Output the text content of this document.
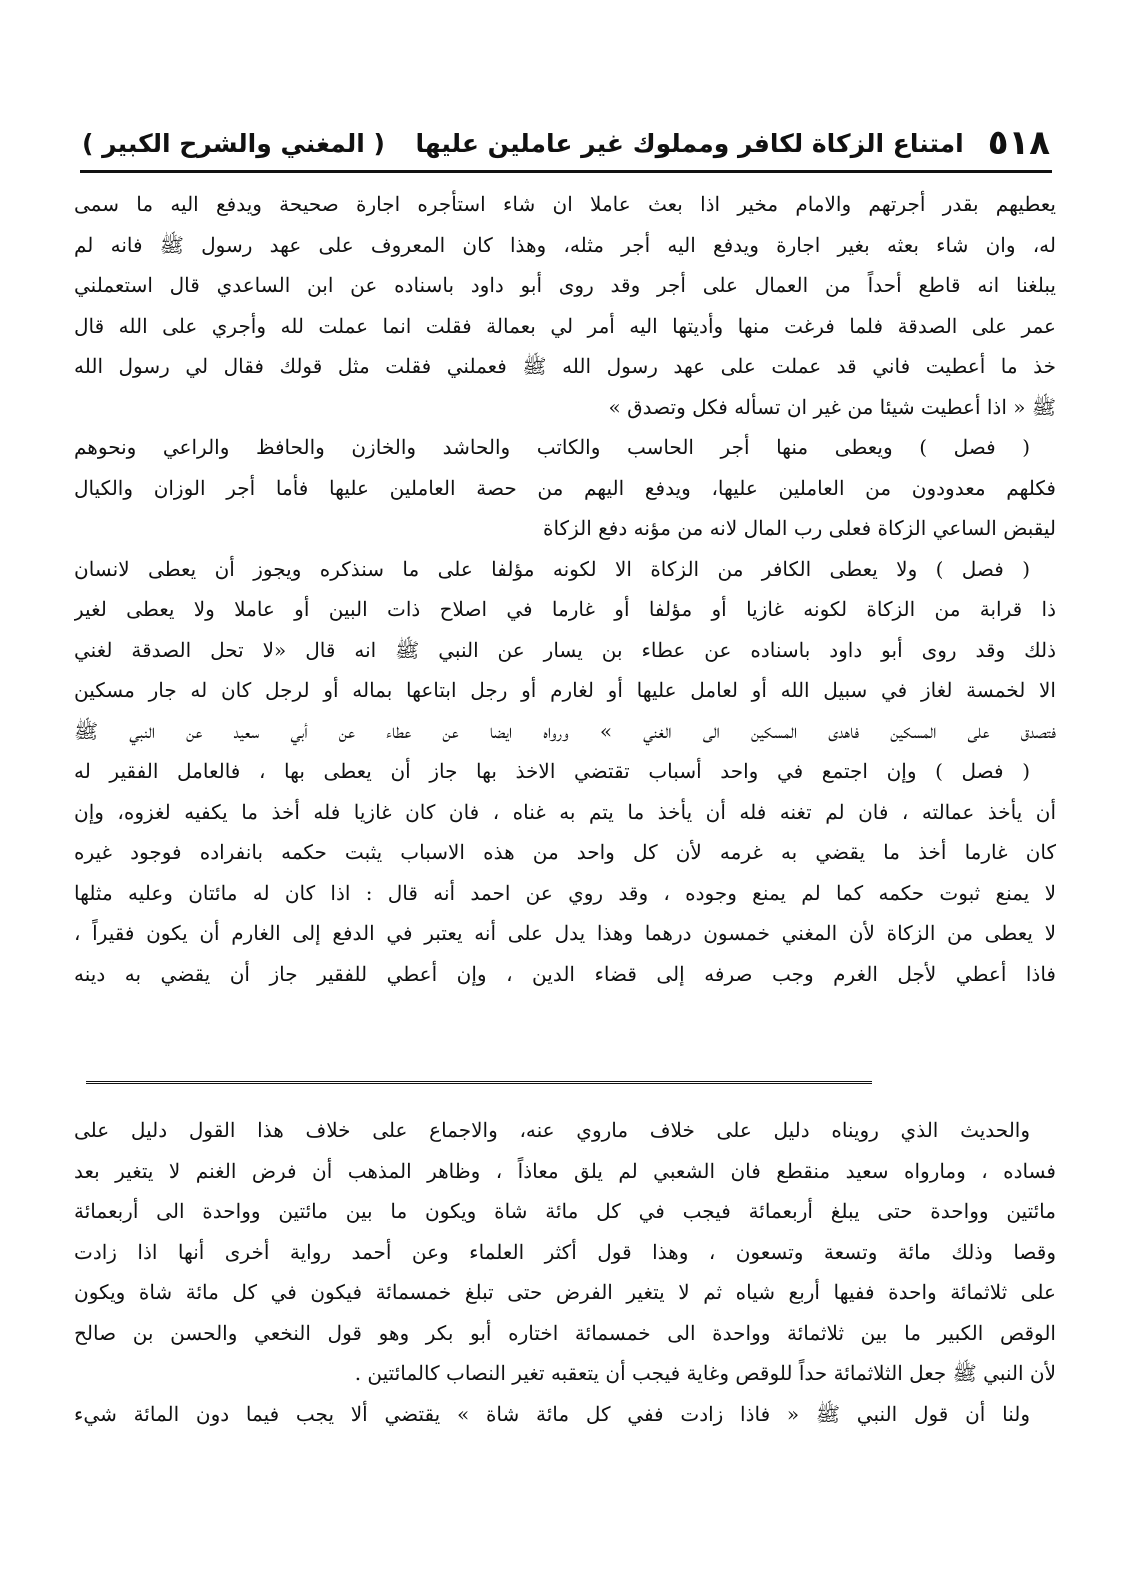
٥١٨
امتناع الزكاة لكافر ومملوك غير عاملين عليها
( المغني والشرح الكبير )
يعطيهم بقدر أجرتهم والامام مخير اذا بعث عاملا ان شاء استأجره اجارة صحيحة ويدفع اليه ما سمى
له، وان شاء بعثه بغير اجارة ويدفع اليه أجر مثله، وهذا كان المعروف على عهد رسول ﷺ فانه لم
يبلغنا انه قاطع أحداً من العمال على أجر وقد روى أبو داود باسناده عن ابن الساعدي قال استعملني
عمر على الصدقة فلما فرغت منها وأديتها اليه أمر لي بعمالة فقلت انما عملت لله وأجري على الله قال
خذ ما أعطيت فاني قد عملت على عهد رسول الله ﷺ فعملني فقلت مثل قولك فقال لي رسول الله
ﷺ « اذا أعطيت شيئا من غير ان تسأله فكل وتصدق »
( فصل ) ويعطى منها أجر الحاسب والكاتب والحاشد والخازن والحافظ والراعي ونحوهم
فكلهم معدودون من العاملين عليها، ويدفع اليهم من حصة العاملين عليها فأما أجر الوزان والكيال
ليقبض الساعي الزكاة فعلى رب المال لانه من مؤنه دفع الزكاة
( فصل ) ولا يعطى الكافر من الزكاة الا لكونه مؤلفا على ما سنذكره ويجوز أن يعطى لانسان
ذا قرابة من الزكاة لكونه غازيا أو مؤلفا أو غارما في اصلاح ذات البين أو عاملا ولا يعطى لغير
ذلك وقد روى أبو داود باسناده عن عطاء بن يسار عن النبي ﷺ انه قال «لا تحل الصدقة لغني
الا لخمسة لغاز في سبيل الله أو لعامل عليها أو لغارم أو رجل ابتاعها بماله أو لرجل كان له جار مسكين
فتصدق على المسكين فاهدى المسكين الى الغني » ورواه ايضا عن عطاء عن أبي سعيد عن النبي ﷺ
( فصل ) وإن اجتمع في واحد أسباب تقتضي الاخذ بها جاز أن يعطى بها ، فالعامل الفقير له
أن يأخذ عمالته ، فان لم تغنه فله أن يأخذ ما يتم به غناه ، فان كان غازيا فله أخذ ما يكفيه لغزوه، وإن
كان غارما أخذ ما يقضي به غرمه لأن كل واحد من هذه الاسباب يثبت حكمه بانفراده فوجود غيره
لا يمنع ثبوت حكمه كما لم يمنع وجوده ، وقد روي عن احمد أنه قال : اذا كان له مائتان وعليه مثلها
لا يعطى من الزكاة لأن المغني خمسون درهما وهذا يدل على أنه يعتبر في الدفع إلى الغارم أن يكون فقيراً ،
فاذا أعطي لأجل الغرم وجب صرفه إلى قضاء الدين ، وإن أعطي للفقير جاز أن يقضي به دينه
والحديث الذي رويناه دليل على خلاف ماروي عنه، والاجماع على خلاف هذا القول دليل على
فساده ، ومارواه سعيد منقطع فان الشعبي لم يلق معاذاً ، وظاهر المذهب أن فرض الغنم لا يتغير بعد
مائتين وواحدة حتى يبلغ أربعمائة فيجب في كل مائة شاة ويكون ما بين مائتين وواحدة الى أربعمائة
وقصا وذلك مائة وتسعة وتسعون ، وهذا قول أكثر العلماء وعن أحمد رواية أخرى أنها اذا زادت
على ثلاثمائة واحدة ففيها أربع شياه ثم لا يتغير الفرض حتى تبلغ خمسمائة فيكون في كل مائة شاة ويكون
الوقص الكبير ما بين ثلاثمائة وواحدة الى خمسمائة اختاره أبو بكر وهو قول النخعي والحسن بن صالح
لأن النبي ﷺ جعل الثلاثمائة حداً للوقص وغاية فيجب أن يتعقبه تغير النصاب كالمائتين .
ولنا أن قول النبي ﷺ « فاذا زادت ففي كل مائة شاة » يقتضي ألا يجب فيما دون المائة شيء
